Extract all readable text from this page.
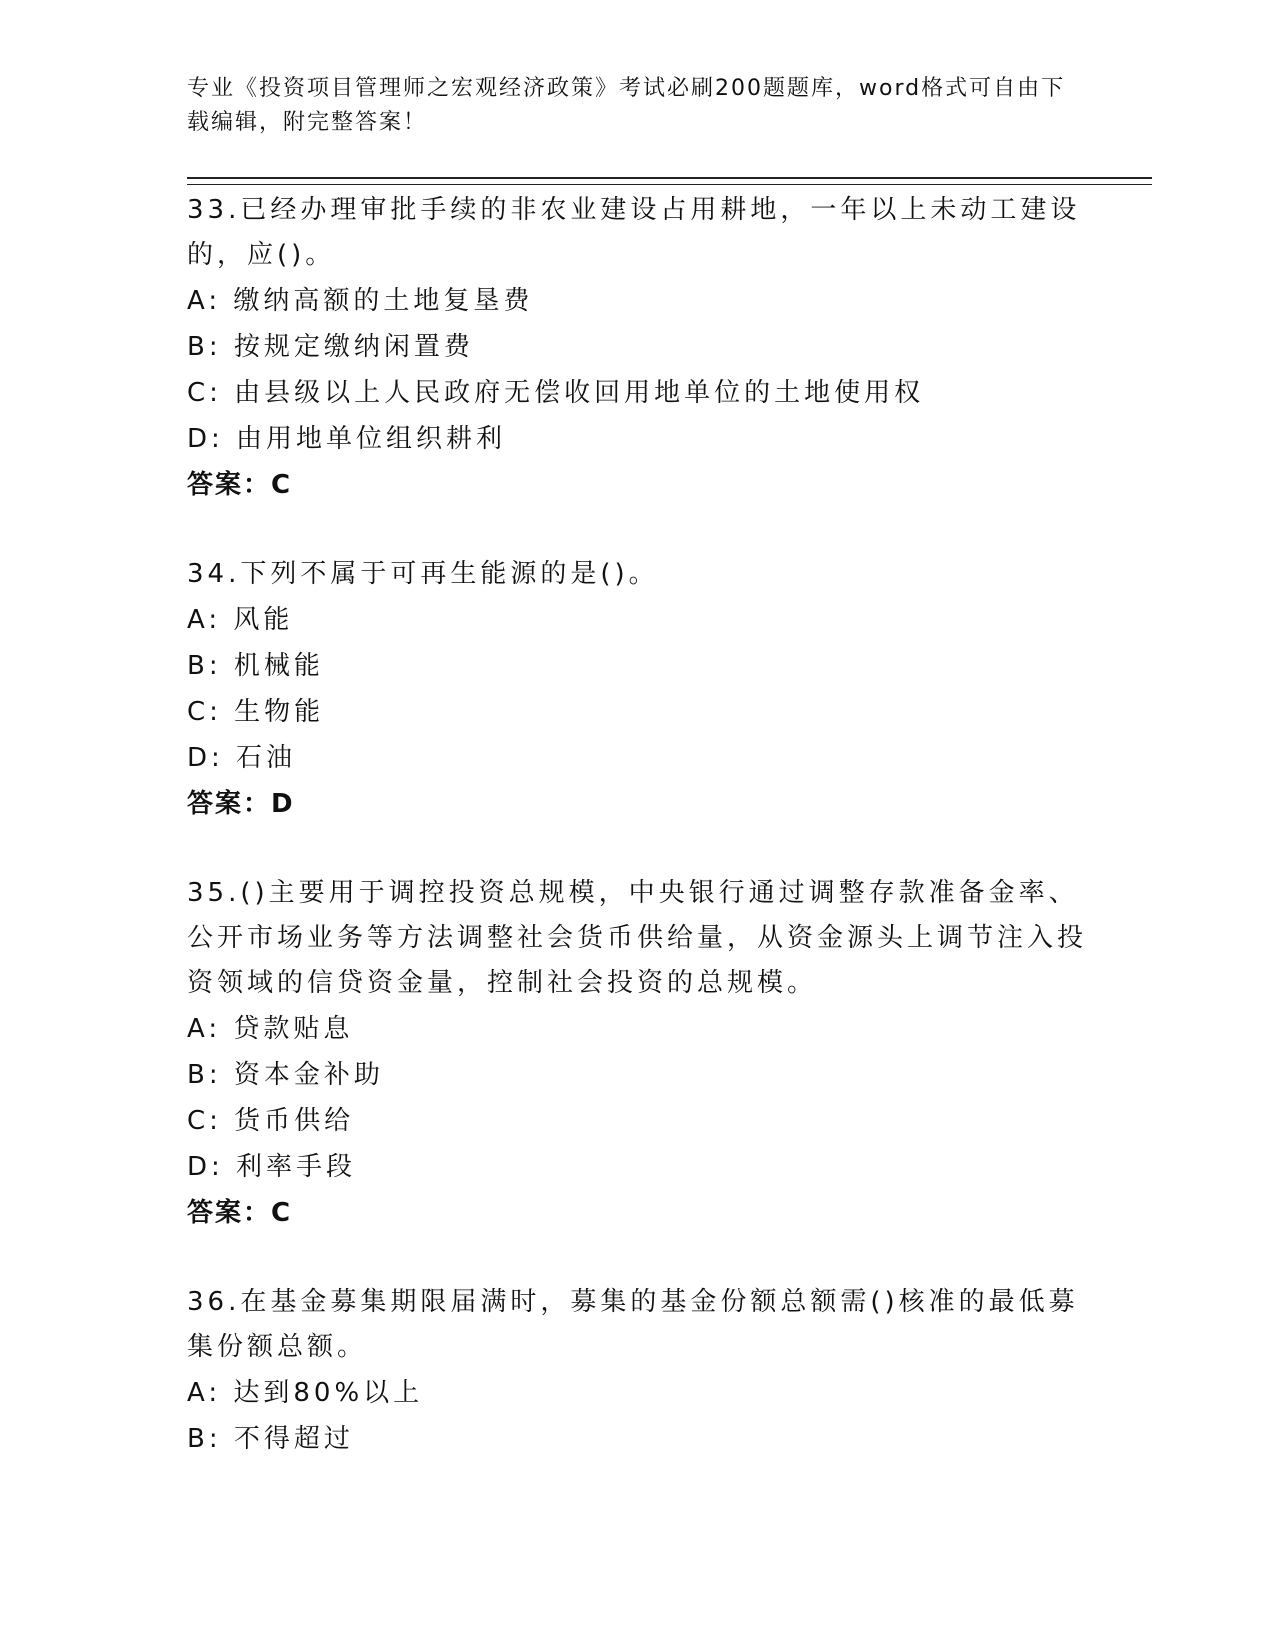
专业《投资项目管理师之宏观经济政策》考试必刷200题题库，word格式可自由下载编辑，附完整答案！

33.已经办理审批手续的非农业建设占用耕地，一年以上未动工建设的，应()。

A: 缴纳高额的土地复垦费

B: 按规定缴纳闲置费

C: 由县级以上人民政府无偿收回用地单位的土地使用权

D: 由用地单位组织耕利

答案：C

34.下列不属于可再生能源的是()。

A: 风能

B: 机械能

C: 生物能

D: 石油

答案：D

35.()主要用于调控投资总规模，中央银行通过调整存款准备金率、公开市场业务等方法调整社会货币供给量，从资金源头上调节注入投资领域的信贷资金量，控制社会投资的总规模。

A: 贷款贴息

B: 资本金补助

C: 货币供给

D: 利率手段

答案：C

36.在基金募集期限届满时，募集的基金份额总额需()核准的最低募集份额总额。

A: 达到80%以上

B: 不得超过
